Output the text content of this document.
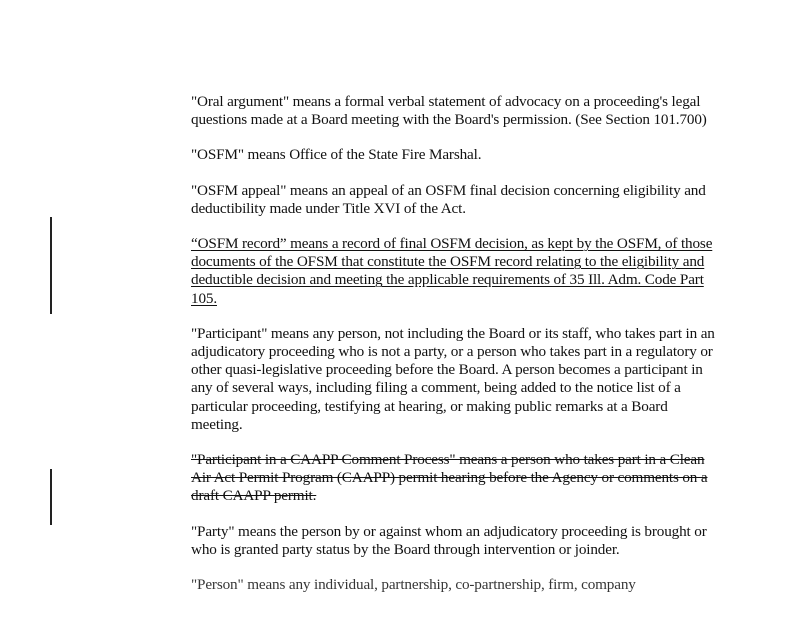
"Oral argument" means a formal verbal statement of advocacy on a proceeding's legal questions made at a Board meeting with the Board's permission. (See Section 101.700)

"OSFM" means Office of the State Fire Marshal.

"OSFM appeal" means an appeal of an OSFM final decision concerning eligibility and deductibility made under Title XVI of the Act.

“OSFM record” means a record of final OSFM decision, as kept by the OSFM, of those documents of the OFSM that constitute the OSFM record relating to the eligibility and deductible decision and meeting the applicable requirements of 35 Ill. Adm. Code Part 105.

"Participant" means any person, not including the Board or its staff, who takes part in an adjudicatory proceeding who is not a party, or a person who takes part in a regulatory or other quasi-legislative proceeding before the Board. A person becomes a participant in any of several ways, including filing a comment, being added to the notice list of a particular proceeding, testifying at hearing, or making public remarks at a Board meeting.

"Participant in a CAAPP Comment Process" means a person who takes part in a Clean Air Act Permit Program (CAAPP) permit hearing before the Agency or comments on a draft CAAPP permit.

"Party" means the person by or against whom an adjudicatory proceeding is brought or who is granted party status by the Board through intervention or joinder.

"Person" means any individual, partnership, co-partnership, firm, company
